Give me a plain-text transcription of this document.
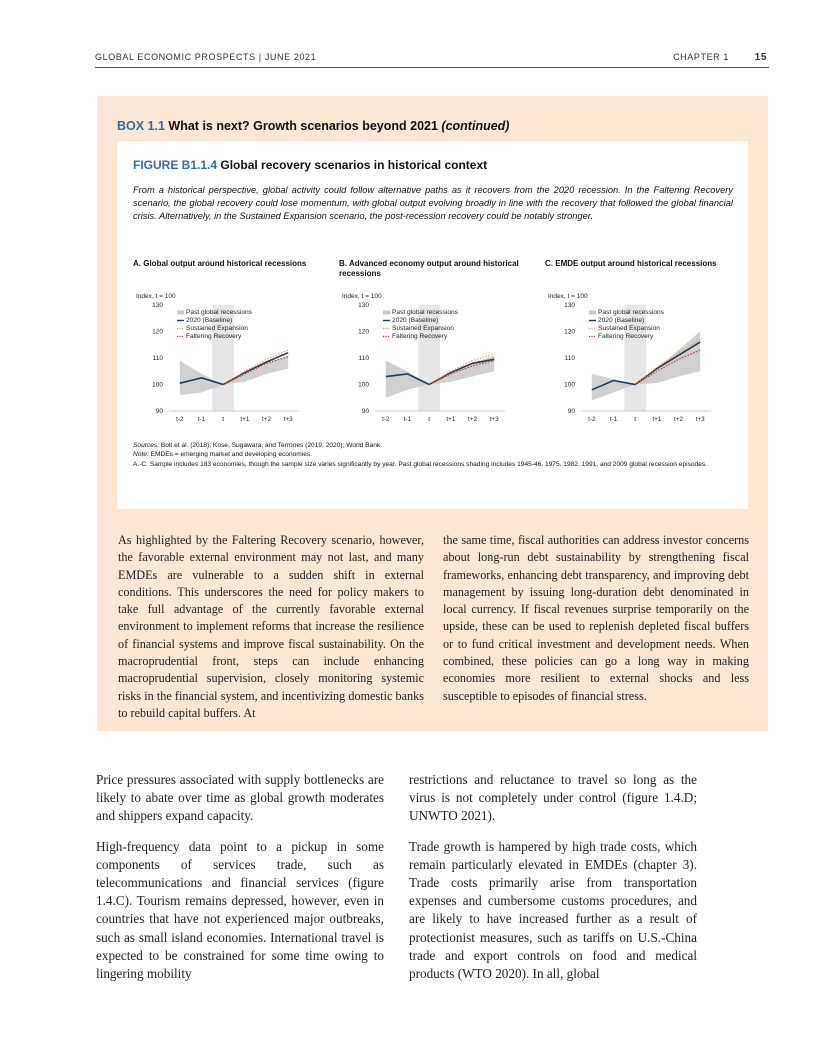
GLOBAL ECONOMIC PROSPECTS | JUNE 2021	CHAPTER 1	15
BOX 1.1 What is next? Growth scenarios beyond 2021 (continued)
FIGURE B1.1.4 Global recovery scenarios in historical context
From a historical perspective, global activity could follow alternative paths as it recovers from the 2020 recession. In the Faltering Recovery scenario, the global recovery could lose momentum, with global output evolving broadly in line with the recovery that followed the global financial crisis. Alternatively, in the Sustained Expansion scenario, the post-recession recovery could be notably stronger.
A. Global output around historical recessions
Index, t = 100
90
100
110
120
130
t-2 t-1	t	t+1 t+2 t+3
Past global recessions
2020 (Baseline)
Sustained Expansion
Faltering Recovery
B. Advanced economy output around historical recessions
Index, t = 100
90
100
110
120
130
t-2 t-1	t	t+1 t+2 t+3
Past global recessions
2020 (Baseline)
Sustained Expansion
Faltering Recovery
C. EMDE output around historical recessions
Index, t = 100
90
100
110
120
130
t-2 t-1	t	t+1 t+2 t+3
Past global recessions
2020 (Baseline)
Sustained Expansion
Faltering Recovery
Sources: Bolt et al. (2018); Kose, Sugawara, and Terrones (2019, 2020); World Bank.
Note: EMDEs = emerging market and developing economies.
A.-C. Sample includes 183 economies, though the sample size varies significantly by year. Past global recessions shading includes 1945-46, 1975, 1982, 1991, and 2009 global recession episodes.
As highlighted by the Faltering Recovery scenario, however, the favorable external environment may not last, and many EMDEs are vulnerable to a sudden shift in external conditions. This underscores the need for policy makers to take full advantage of the currently favorable external environment to implement reforms that increase the resilience of financial systems and improve fiscal sustainability. On the macroprudential front, steps can include enhancing macroprudential supervision, closely monitoring systemic risks in the financial system, and incentivizing domestic banks to rebuild capital buffers. At
the same time, fiscal authorities can address investor concerns about long-run debt sustainability by strengthening fiscal frameworks, enhancing debt transparency, and improving debt management by issuing long-duration debt denominated in local currency. If fiscal revenues surprise temporarily on the upside, these can be used to replenish depleted fiscal buffers or to fund critical investment and development needs. When combined, these policies can go a long way in making economies more resilient to external shocks and less susceptible to episodes of financial stress.

Price pressures associated with supply bottlenecks are likely to abate over time as global growth moderates and shippers expand capacity.

High-frequency data point to a pickup in some components of services trade, such as telecommunications and financial services (figure 1.4.C). Tourism remains depressed, however, even in countries that have not experienced major outbreaks, such as small island economies. International travel is expected to be constrained for some time owing to lingering mobility

restrictions and reluctance to travel so long as the virus is not completely under control (figure 1.4.D; UNWTO 2021).

Trade growth is hampered by high trade costs, which remain particularly elevated in EMDEs (chapter 3). Trade costs primarily arise from transportation expenses and cumbersome customs procedures, and are likely to have increased further as a result of protectionist measures, such as tariffs on U.S.-China trade and export controls on food and medical products (WTO 2020). In all, global
